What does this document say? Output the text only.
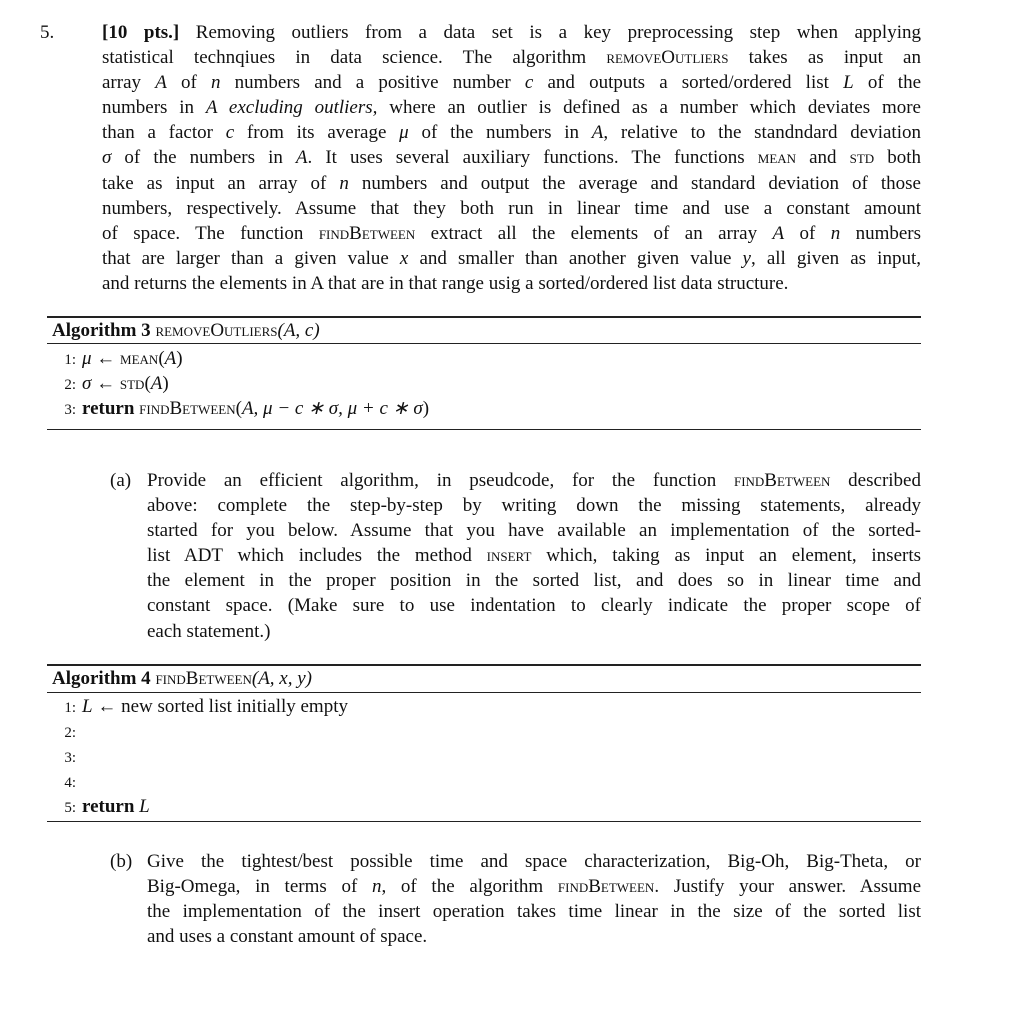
5.	[10 pts.] Removing outliers from a data set is a key preprocessing step when applying
statistical technqiues in data science. The algorithm removeOutliers takes as input an
array A of n numbers and a positive number c and outputs a sorted/ordered list L of the
numbers in A excluding outliers, where an outlier is defined as a number which deviates more
than a factor c from its average μ of the numbers in A, relative to the standndard deviation
σ of the numbers in A. It uses several auxiliary functions. The functions mean and std both
take as input an array of n numbers and output the average and standard deviation of those
numbers, respectively. Assume that they both run in linear time and use a constant amount
of space. The function findBetween extract all the elements of an array A of n numbers
that are larger than a given value x and smaller than another given value y, all given as input,
and returns the elements in A that are in that range usig a sorted/ordered list data structure.
Algorithm 3 removeOutliers(A, c)
1: μ ← mean(A)
2: σ ← std(A)
3: return findBetween(A, μ − c ∗ σ, μ + c ∗ σ)
(a) Provide an efficient algorithm, in pseudcode, for the function findBetween described
above: complete the step-by-step by writing down the missing statements, already
started for you below. Assume that you have available an implementation of the sorted-
list ADT which includes the method insert which, taking as input an element, inserts
the element in the proper position in the sorted list, and does so in linear time and
constant space. (Make sure to use indentation to clearly indicate the proper scope of
each statement.)
Algorithm 4 findBetween(A, x, y)
1: L ← new sorted list initially empty
2:
3:
4:
5: return L
(b) Give the tightest/best possible time and space characterization, Big-Oh, Big-Theta, or
Big-Omega, in terms of n, of the algorithm findBetween. Justify your answer. Assume
the implementation of the insert operation takes time linear in the size of the sorted list
and uses a constant amount of space.
